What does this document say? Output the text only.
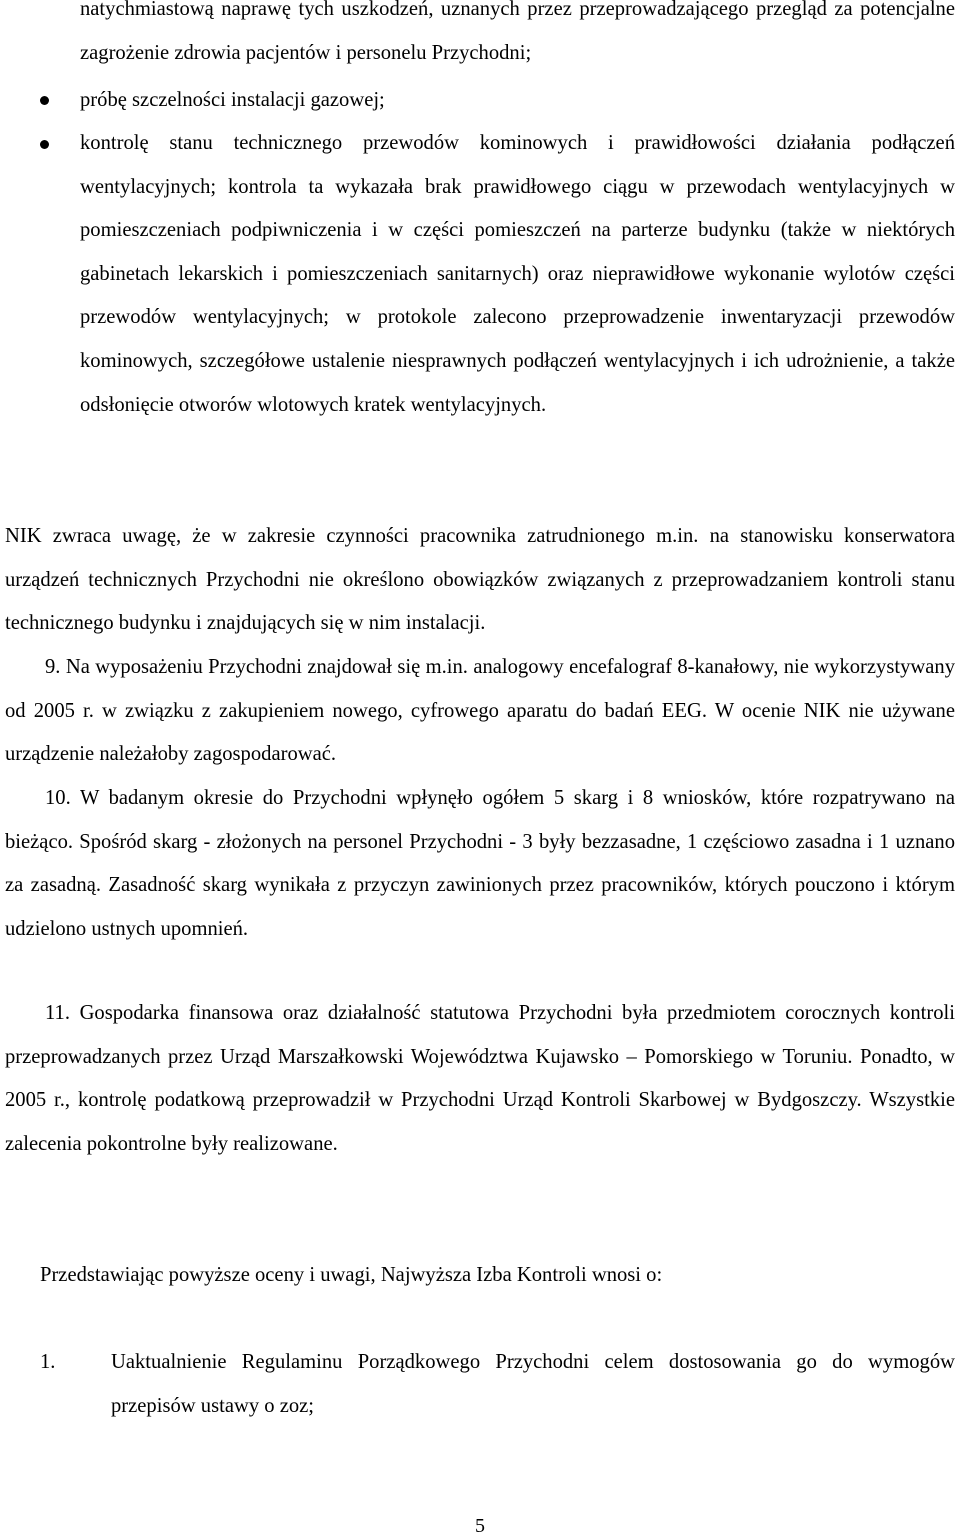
natychmiastową naprawę tych uszkodzeń, uznanych przez przeprowadzającego przegląd za potencjalne zagrożenie zdrowia pacjentów i personelu Przychodni;
próbę szczelności instalacji gazowej;
kontrolę stanu technicznego przewodów kominowych i prawidłowości działania podłączeń wentylacyjnych; kontrola ta wykazała brak prawidłowego ciągu w przewodach wentylacyjnych w pomieszczeniach podpiwniczenia i w części pomieszczeń na parterze budynku (także w niektórych gabinetach lekarskich i pomieszczeniach sanitarnych) oraz nieprawidłowe wykonanie wylotów części przewodów wentylacyjnych; w protokole zalecono przeprowadzenie inwentaryzacji przewodów kominowych, szczegółowe ustalenie niesprawnych podłączeń wentylacyjnych i ich udrożnienie, a także odsłonięcie otworów wlotowych kratek wentylacyjnych.
NIK zwraca uwagę, że w zakresie czynności pracownika zatrudnionego m.in. na stanowisku konserwatora urządzeń technicznych Przychodni nie określono obowiązków związanych z przeprowadzaniem kontroli stanu technicznego budynku i znajdujących się w nim instalacji.
9. Na wyposażeniu Przychodni znajdował się m.in. analogowy encefalograf 8-kanałowy, nie wykorzystywany od 2005 r. w związku z zakupieniem nowego, cyfrowego aparatu do badań EEG. W ocenie NIK nie używane urządzenie należałoby zagospodarować.
10. W badanym okresie do Przychodni wpłynęło ogółem 5 skarg i 8 wniosków, które rozpatrywano na bieżąco. Spośród skarg - złożonych na personel Przychodni - 3 były bezzasadne, 1 częściowo zasadna i 1 uznano za zasadną. Zasadność skarg wynikała z przyczyn zawinionych przez pracowników, których pouczono i którym udzielono ustnych upomnień.
11. Gospodarka finansowa oraz działalność statutowa Przychodni była przedmiotem corocznych kontroli przeprowadzanych przez Urząd Marszałkowski Województwa Kujawsko – Pomorskiego w Toruniu. Ponadto, w 2005 r., kontrolę podatkową przeprowadził w Przychodni Urząd Kontroli Skarbowej w Bydgoszczy. Wszystkie zalecenia pokontrolne były realizowane.
Przedstawiając powyższe oceny i uwagi, Najwyższa Izba Kontroli wnosi o:
1.	Uaktualnienie Regulaminu Porządkowego Przychodni celem dostosowania go do wymogów przepisów ustawy o zoz;
5
